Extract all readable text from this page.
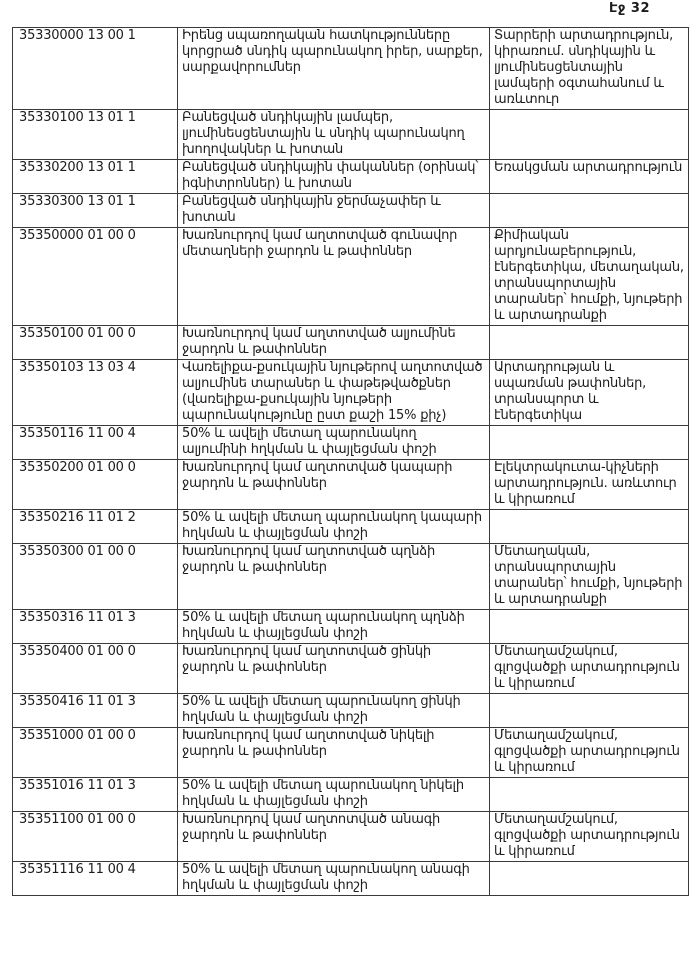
Էջ 32
35330000 13 00 1	Իրենց սպառողական հատկությունները կորցրած սնդիկ պարունակող իրեր, սարքեր, սարքավորումներ	Տարրերի արտադրություն, կիրառում. սնդիկային և լյումինեսցենտային լամպերի օգտահանում և առևտուր
35330100 13 01 1	Բանեցված սնդիկային լամպեր, լյումինեսցենտային և սնդիկ պարունակող խողովակներ և խոտան	
35330200 13 01 1	Բանեցված սնդիկային փականներ (օրինակ՝ իգնիտրոններ) և խոտան	Եռակցման արտադրություն
35330300 13 01 1	Բանեցված սնդիկային ջերմաչափեր և խոտան	
35350000 01 00 0	Խառնուրդով կամ աղտոտված գունավոր մետաղների ջարդոն և թափոններ	Քիմիական արդյունաբերություն, էներգետիկա, մետաղական, տրանսպորտային տարաներ՝ հումքի, նյութերի և արտադրանքի
35350100 01 00 0	Խառնուրդով կամ աղտոտված ալյումինե ջարդոն և թափոններ	
35350103 13 03 4	Վառելիքա-քսուկային նյութերով աղտոտված ալյումինե տարաներ և փաթեթվածքներ (վառելիքա-քսուկային նյութերի պարունակությունը ըստ քաշի 15% քիչ)	Արտադրության և սպառման թափոններ, տրանսպորտ և էներգետիկա
35350116 11 00 4	50% և ավելի մետաղ պարունակող ալյումինի հղկման և փայլեցման փոշի	
35350200 01 00 0	Խառնուրդով կամ աղտոտված կապարի ջարդոն և թափոններ	Էլեկտրակուտա-կիչների արտադրություն. առևտուր և կիրառում
35350216 11 01 2	50% և ավելի մետաղ պարունակող կապարի հղկման և փայլեցման փոշի	
35350300 01 00 0	Խառնուրդով կամ աղտոտված պղնձի ջարդոն և թափոններ	Մետաղական, տրանսպորտային տարաներ՝ հումքի, նյութերի և արտադրանքի
35350316 11 01 3	50% և ավելի մետաղ պարունակող պղնձի հղկման և փայլեցման փոշի	
35350400 01 00 0	Խառնուրդով կամ աղտոտված ցինկի ջարդոն և թափոններ	Մետաղամշակում, գլոցվածքի արտադրություն և կիրառում
35350416 11 01 3	50% և ավելի մետաղ պարունակող ցինկի հղկման և փայլեցման փոշի	
35351000 01 00 0	Խառնուրդով կամ աղտոտված նիկելի ջարդոն և թափոններ	Մետաղամշակում, գլոցվածքի արտադրություն և կիրառում
35351016 11 01 3	50% և ավելի մետաղ պարունակող նիկելի հղկման և փայլեցման փոշի	
35351100 01 00 0	Խառնուրդով կամ աղտոտված անագի ջարդոն և թափոններ	Մետաղամշակում, գլոցվածքի արտադրություն և կիրառում
35351116 11 00 4	50% և ավելի մետաղ պարունակող անագի հղկման և փայլեցման փոշի	
